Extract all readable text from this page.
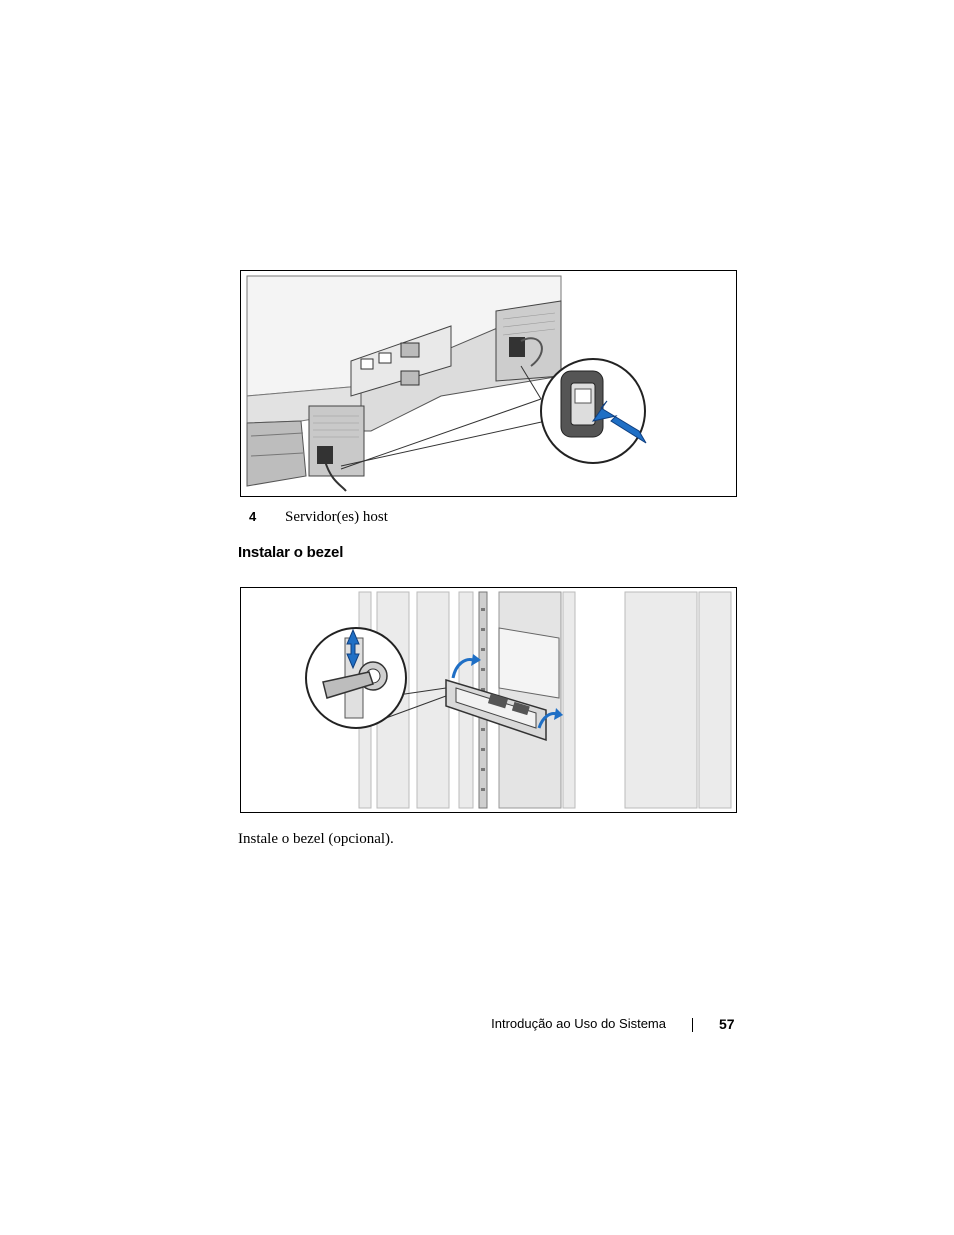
4 Servidor(es) host
Instalar o bezel

Instale o bezel (opcional).

Introdução ao Uso do Sistema	57
